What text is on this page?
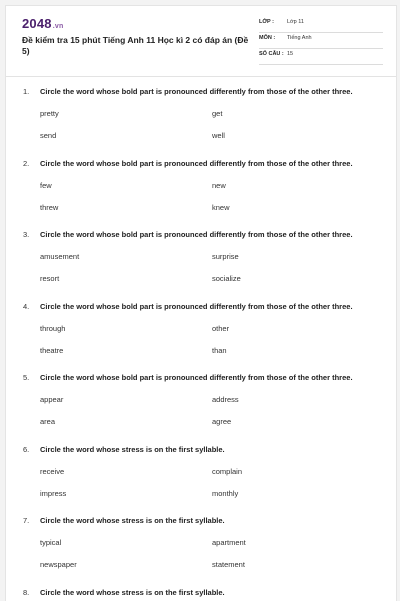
2048.vn
Đề kiểm tra 15 phút Tiếng Anh 11 Học kì 2 có đáp án (Đề 5)
LỚP : Lớp 11
MÔN : Tiếng Anh
SỐ CÂU : 15
1. Circle the word whose bold part is pronounced differently from those of the other three.
pretty	get
send	well
2. Circle the word whose bold part is pronounced differently from those of the other three.
few	new
threw	knew
3. Circle the word whose bold part is pronounced differently from those of the other three.
amusement	surprise
resort	socialize
4. Circle the word whose bold part is pronounced differently from those of the other three.
through	other
theatre	than
5. Circle the word whose bold part is pronounced differently from those of the other three.
appear	address
area	agree
6. Circle the word whose stress is on the first syllable.
receive	complain
impress	monthly
7. Circle the word whose stress is on the first syllable.
typical	apartment
newspaper	statement
8. Circle the word whose stress is on the first syllable.
